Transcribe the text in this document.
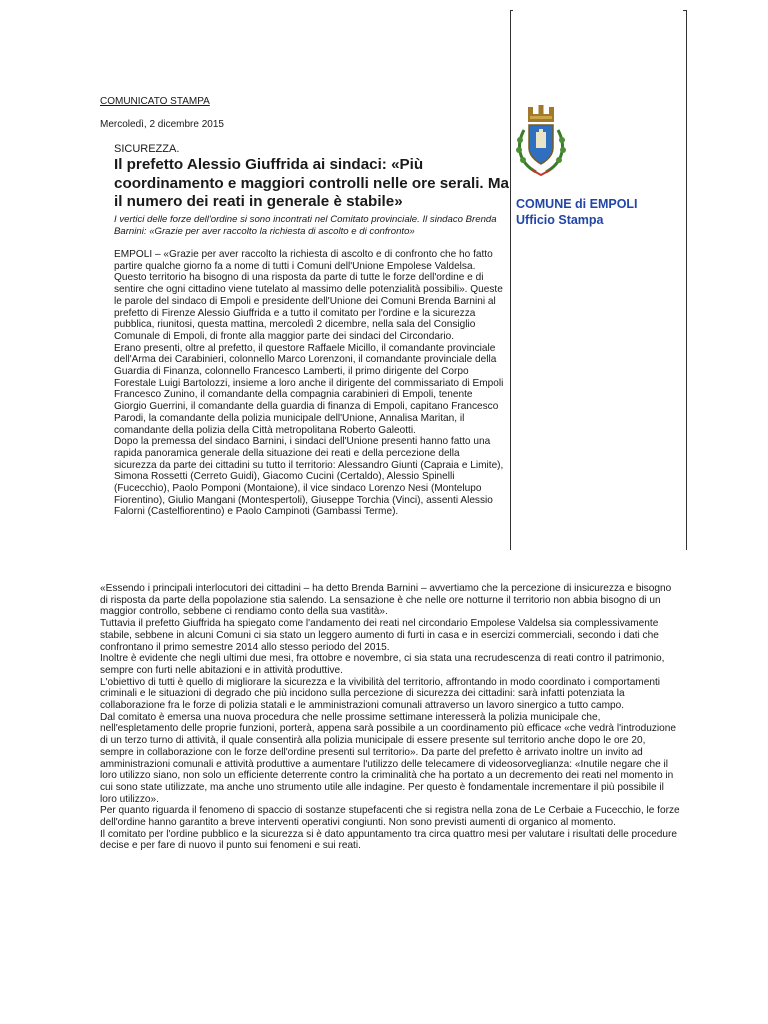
COMUNE di EMPOLI
Ufficio Stampa
COMUNICATO STAMPA
Mercoledì, 2 dicembre 2015
SICUREZZA.
Il prefetto Alessio Giuffrida ai sindaci: «Più coordinamento e maggiori controlli nelle ore serali. Ma il numero dei reati in generale è stabile»
I vertici delle forze dell'ordine si sono incontrati nel Comitato provinciale. Il sindaco Brenda Barnini: «Grazie per aver raccolto la richiesta di ascolto e di confronto»

EMPOLI – «Grazie per aver raccolto la richiesta di ascolto e di confronto che ho fatto partire qualche giorno fa a nome di tutti i Comuni dell'Unione Empolese Valdelsa. Questo territorio ha bisogno di una risposta da parte di tutte le forze dell'ordine e di sentire che ogni cittadino viene tutelato al massimo delle potenzialità possibili». Queste le parole del sindaco di Empoli e presidente dell'Unione dei Comuni Brenda Barnini al prefetto di Firenze Alessio Giuffrida e a tutto il comitato per l'ordine e la sicurezza pubblica, riunitosi, questa mattina, mercoledì 2 dicembre, nella sala del Consiglio Comunale di Empoli, di fronte alla maggior parte dei sindaci del Circondario.

Erano presenti, oltre al prefetto, il questore Raffaele Micillo, il comandante provinciale dell'Arma dei Carabinieri, colonnello Marco Lorenzoni, il comandante provinciale della Guardia di Finanza, colonnello Francesco Lamberti, il primo dirigente del Corpo Forestale Luigi Bartolozzi, insieme a loro anche il dirigente del commissariato di Empoli Francesco Zunino, il comandante della compagnia carabinieri di Empoli, tenente Giorgio Guerrini, il comandante della guardia di finanza di Empoli, capitano Francesco Parodi, la comandante della polizia municipale dell'Unione, Annalisa Maritan, il comandante della polizia della Città metropolitana Roberto Galeotti.

Dopo la premessa del sindaco Barnini, i sindaci dell'Unione presenti hanno fatto una rapida panoramica generale della situazione dei reati e della percezione della sicurezza da parte dei cittadini su tutto il territorio: Alessandro Giunti (Capraia e Limite), Simona Rossetti (Cerreto Guidi), Giacomo Cucini (Certaldo), Alessio Spinelli (Fucecchio), Paolo Pomponi (Montaione), il vice sindaco Lorenzo Nesi (Montelupo Fiorentino), Giulio Mangani (Montespertoli), Giuseppe Torchia (Vinci), assenti Alessio Falorni (Castelfiorentino) e Paolo Campinoti (Gambassi Terme).

«Essendo i principali interlocutori dei cittadini – ha detto Brenda Barnini – avvertiamo che la percezione di insicurezza e bisogno di risposta da parte della popolazione stia salendo. La sensazione è che nelle ore notturne il territorio non abbia bisogno di un maggior controllo, sebbene ci rendiamo conto della sua vastità».

Tuttavia il prefetto Giuffrida ha spiegato come l'andamento dei reati nel circondario Empolese Valdelsa sia complessivamente stabile, sebbene in alcuni Comuni ci sia stato un leggero aumento di furti in casa e in esercizi commerciali, secondo i dati che confrontano il primo semestre 2014 allo stesso periodo del 2015.

Inoltre è evidente che negli ultimi due mesi, fra ottobre e novembre, ci sia stata una recrudescenza di reati contro il patrimonio, sempre con furti nelle abitazioni e in attività produttive.

L'obiettivo di tutti è quello di migliorare la sicurezza e la vivibilità del territorio, affrontando in modo coordinato i comportamenti criminali e le situazioni di degrado che più incidono sulla percezione di sicurezza dei cittadini: sarà infatti potenziata la collaborazione fra le forze di polizia statali e le amministrazioni comunali attraverso un lavoro sinergico a tutto campo.

Dal comitato è emersa una nuova procedura che nelle prossime settimane interesserà la polizia municipale che, nell'espletamento delle proprie funzioni, porterà, appena sarà possibile a un coordinamento più efficace «che vedrà l'introduzione di un terzo turno di attività, il quale consentirà alla polizia municipale di essere presente sul territorio anche dopo le ore 20, sempre in collaborazione con le forze dell'ordine presenti sul territorio». Da parte del prefetto è arrivato inoltre un invito ad amministrazioni comunali e attività produttive a aumentare l'utilizzo delle telecamere di videosorveglianza: «Inutile negare che il loro utilizzo siano, non solo un efficiente deterrente contro la criminalità che ha portato a un decremento dei reati nel momento in cui sono state utilizzate, ma anche uno strumento utile alle indagine. Per questo è fondamentale incrementare il più possibile il loro utilizzo».

Per quanto riguarda il fenomeno di spaccio di sostanze stupefacenti che si registra nella zona de Le Cerbaie a Fucecchio, le forze dell'ordine hanno garantito a breve interventi operativi congiunti. Non sono previsti aumenti di organico al momento.

Il comitato per l'ordine pubblico e la sicurezza si è dato appuntamento tra circa quattro mesi per valutare i risultati delle procedure decise e per fare di nuovo il punto sui fenomeni e sui reati.
